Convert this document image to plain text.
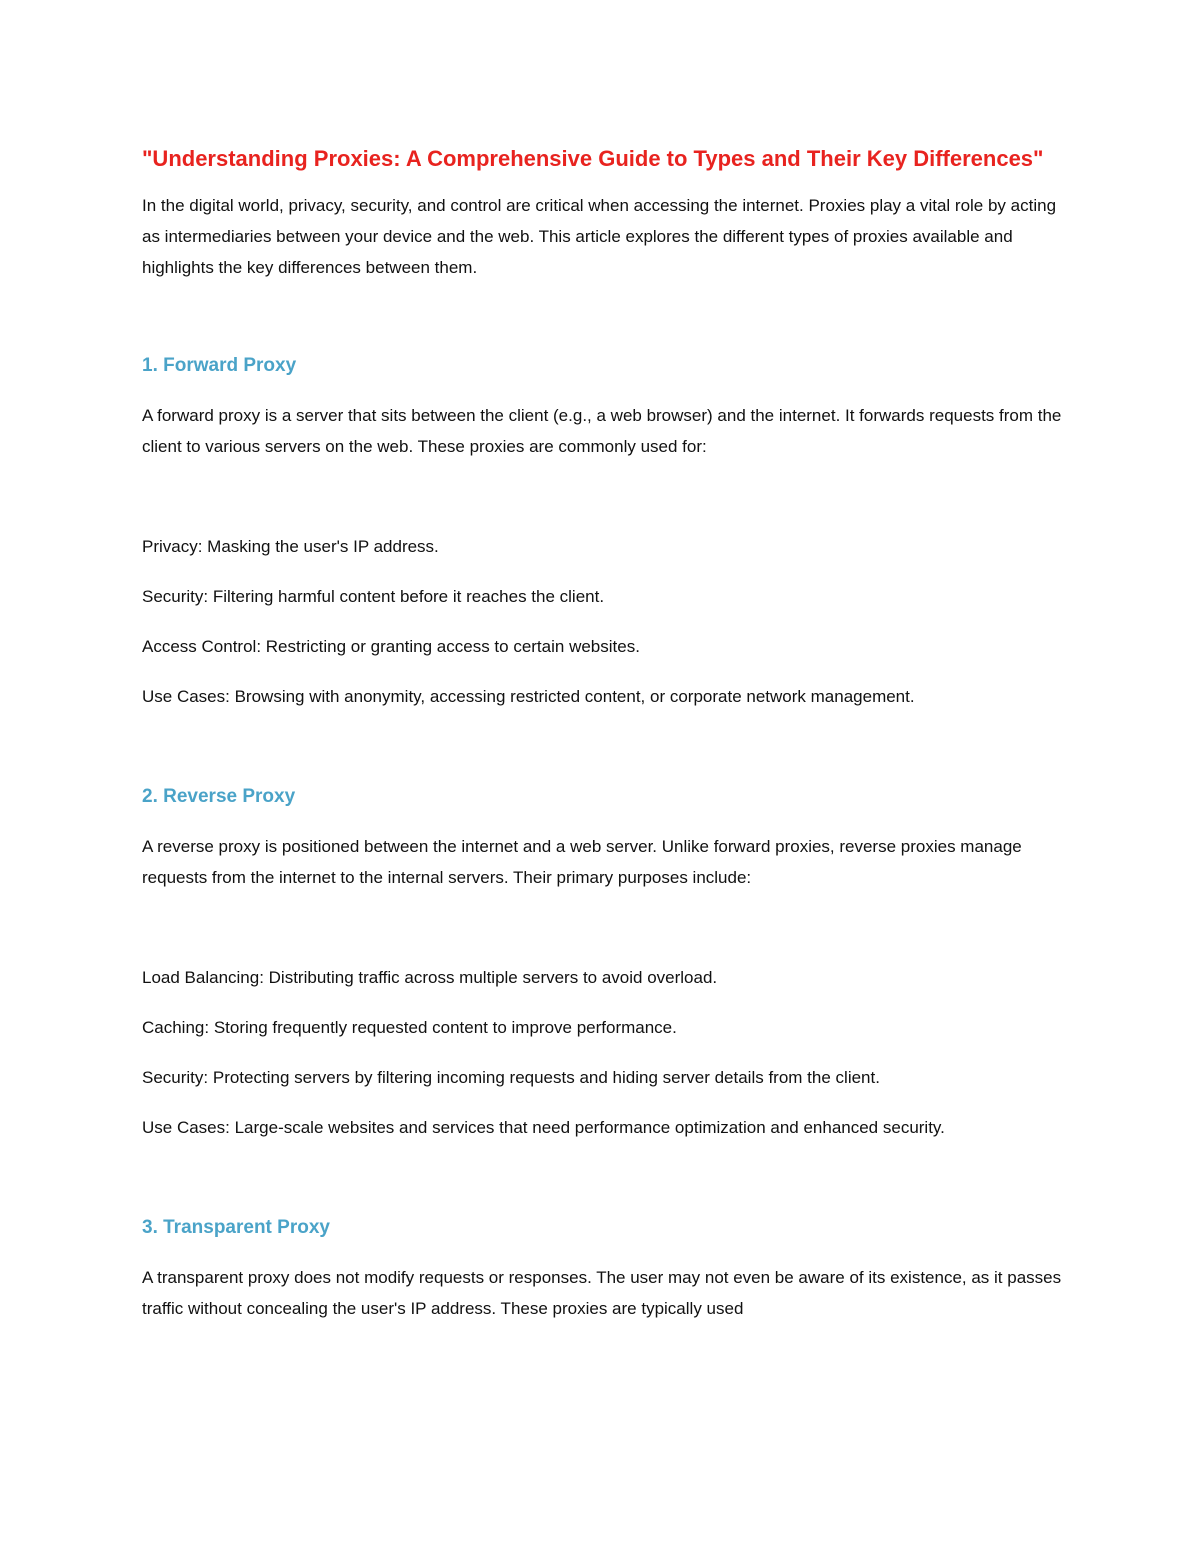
"Understanding Proxies: A Comprehensive Guide to Types and Their Key Differences"

In the digital world, privacy, security, and control are critical when accessing the internet. Proxies play a vital role by acting as intermediaries between your device and the web. This article explores the different types of proxies available and highlights the key differences between them.

1. Forward Proxy

A forward proxy is a server that sits between the client (e.g., a web browser) and the internet. It forwards requests from the client to various servers on the web. These proxies are commonly used for:

Privacy: Masking the user's IP address.

Security: Filtering harmful content before it reaches the client.

Access Control: Restricting or granting access to certain websites.

Use Cases: Browsing with anonymity, accessing restricted content, or corporate network management.

2. Reverse Proxy

A reverse proxy is positioned between the internet and a web server. Unlike forward proxies, reverse proxies manage requests from the internet to the internal servers. Their primary purposes include:

Load Balancing: Distributing traffic across multiple servers to avoid overload.

Caching: Storing frequently requested content to improve performance.

Security: Protecting servers by filtering incoming requests and hiding server details from the client.

Use Cases: Large-scale websites and services that need performance optimization and enhanced security.

3. Transparent Proxy

A transparent proxy does not modify requests or responses. The user may not even be aware of its existence, as it passes traffic without concealing the user's IP address. These proxies are typically used
